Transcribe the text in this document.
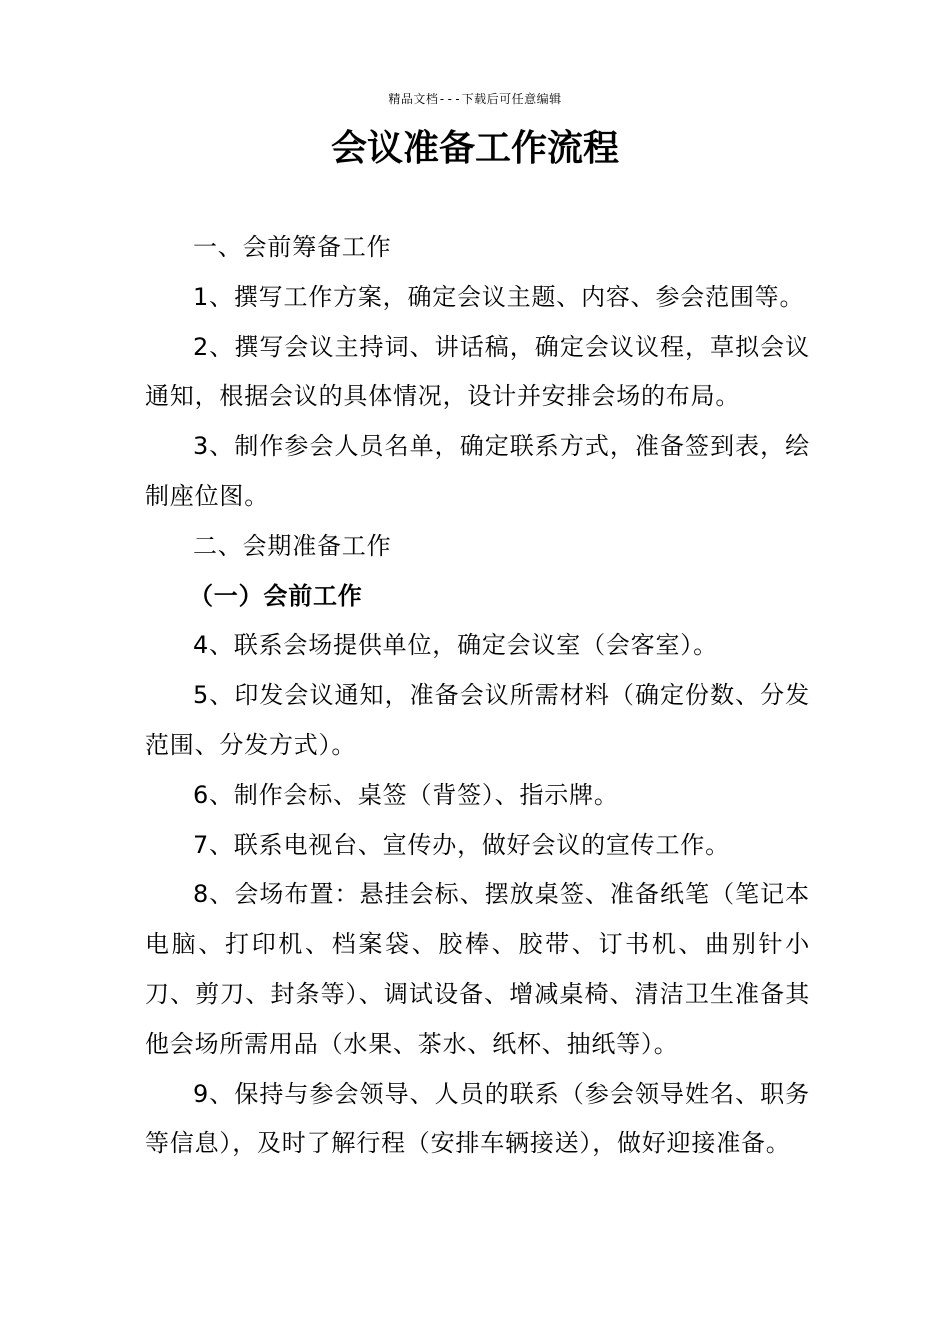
精品文档---下载后可任意编辑
会议准备工作流程

一、会前筹备工作

1、撰写工作方案，确定会议主题、内容、参会范围等。

2、撰写会议主持词、讲话稿，确定会议议程，草拟会议通知，根据会议的具体情况，设计并安排会场的布局。

3、制作参会人员名单，确定联系方式，准备签到表，绘制座位图。

二、会期准备工作

（一）会前工作

4、联系会场提供单位，确定会议室（会客室）。

5、印发会议通知，准备会议所需材料（确定份数、分发范围、分发方式）。

6、制作会标、桌签（背签）、指示牌。

7、联系电视台、宣传办，做好会议的宣传工作。

8、会场布置：悬挂会标、摆放桌签、准备纸笔（笔记本电脑、打印机、档案袋、胶棒、胶带、订书机、曲别针小刀、剪刀、封条等）、调试设备、增减桌椅、清洁卫生准备其他会场所需用品（水果、茶水、纸杯、抽纸等）。

9、保持与参会领导、人员的联系（参会领导姓名、职务等信息），及时了解行程（安排车辆接送），做好迎接准备。
